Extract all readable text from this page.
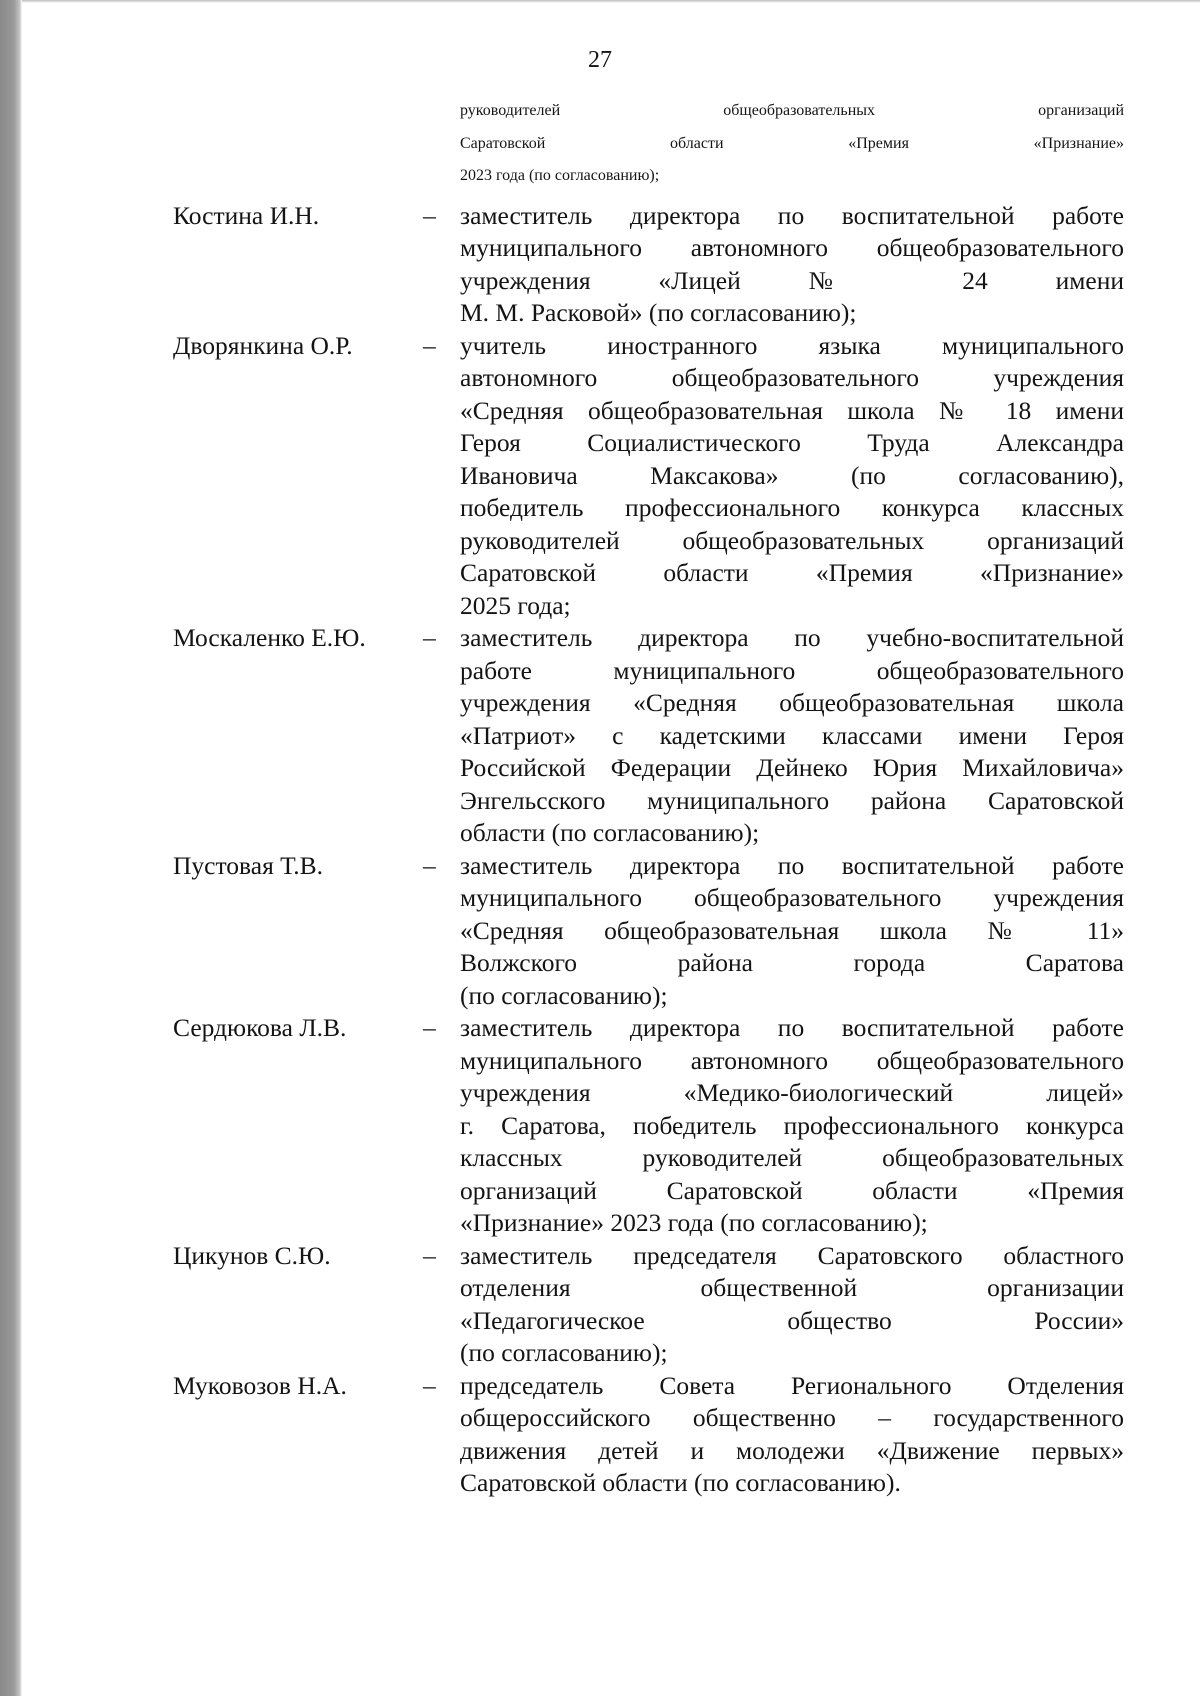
27
руководителей общеобразовательных организаций
Саратовской области «Премия «Признание»
2023 года (по согласованию);
Костина И.Н.	– заместитель директора по воспитательной работе
муниципального автономного общеобразовательного
учреждения «Лицей № 24 имени
М. М. Расковой» (по согласованию);
Дворянкина О.Р.	– учитель иностранного языка муниципального
автономного общеобразовательного учреждения
«Средняя общеобразовательная школа № 18 имени
Героя Социалистического Труда Александра
Ивановича Максакова» (по согласованию),
победитель профессионального конкурса классных
руководителей общеобразовательных организаций
Саратовской области «Премия «Признание»
2025 года;
Москаленко Е.Ю.	– заместитель директора по учебно-воспитательной
работе муниципального общеобразовательного
учреждения «Средняя общеобразовательная школа
«Патриот» с кадетскими классами имени Героя
Российской Федерации Дейнеко Юрия Михайловича»
Энгельсского муниципального района Саратовской
области (по согласованию);
Пустовая Т.В.	– заместитель директора по воспитательной работе
муниципального общеобразовательного учреждения
«Средняя общеобразовательная школа № 11»
Волжского района города Саратова
(по согласованию);
Сердюкова Л.В.	– заместитель директора по воспитательной работе
муниципального автономного общеобразовательного
учреждения «Медико-биологический лицей»
г. Саратова, победитель профессионального конкурса
классных руководителей общеобразовательных
организаций Саратовской области «Премия
«Признание» 2023 года (по согласованию);
Цикунов С.Ю.	– заместитель председателя Саратовского областного
отделения общественной организации
«Педагогическое общество России»
(по согласованию);
Муковозов Н.А.	– председатель Совета Регионального Отделения
общероссийского общественно – государственного
движения детей и молодежи «Движение первых»
Саратовской области (по согласованию).
